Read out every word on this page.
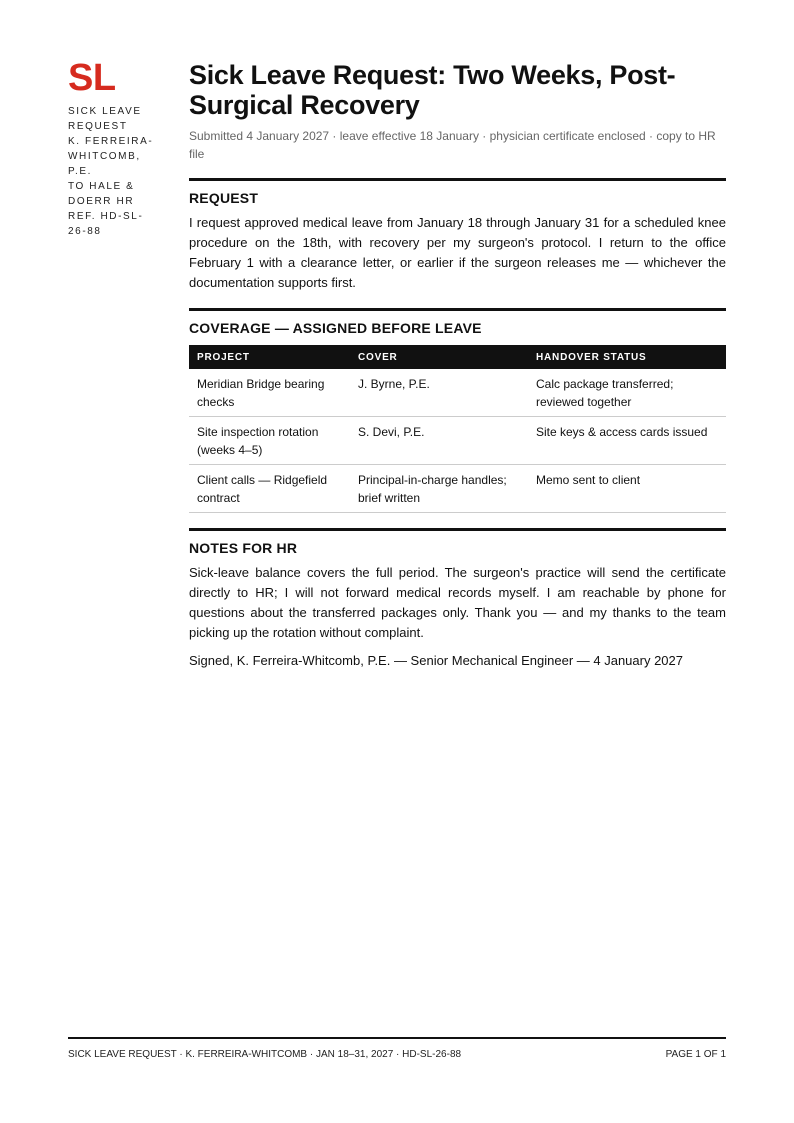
SL
SICK LEAVE
REQUEST
K. FERREIRA-
WHITCOMB,
P.E.
TO HALE &
DOERR HR
REF. HD-SL-
26-88
Sick Leave Request: Two Weeks, Post-
Surgical Recovery

Submitted 4 January 2027 · leave effective 18 January · physician certificate enclosed · copy to HR file

REQUEST

I request approved medical leave from January 18 through January 31 for a scheduled knee procedure on the 18th, with recovery per my surgeon's protocol. I return to the office February 1 with a clearance letter, or earlier if the surgeon releases me — whichever the documentation supports first.

COVERAGE — ASSIGNED BEFORE LEAVE
PROJECT	COVER	HANDOVER STATUS
Meridian Bridge bearing checks	J. Byrne, P.E.	Calc package transferred; reviewed together
Site inspection rotation (weeks 4–5)	S. Devi, P.E.	Site keys & access cards issued
Client calls — Ridgefield contract	Principal-in-charge handles; brief written	Memo sent to client
NOTES FOR HR

Sick-leave balance covers the full period. The surgeon's practice will send the certificate directly to HR; I will not forward medical records myself. I am reachable by phone for questions about the transferred packages only. Thank you — and my thanks to the team picking up the rotation without complaint.

Signed, K. Ferreira-Whitcomb, P.E. — Senior Mechanical Engineer — 4 January 2027

SICK LEAVE REQUEST · K. FERREIRA-WHITCOMB · JAN 18–31, 2027 · HD-SL-26-88	PAGE 1 OF 1
